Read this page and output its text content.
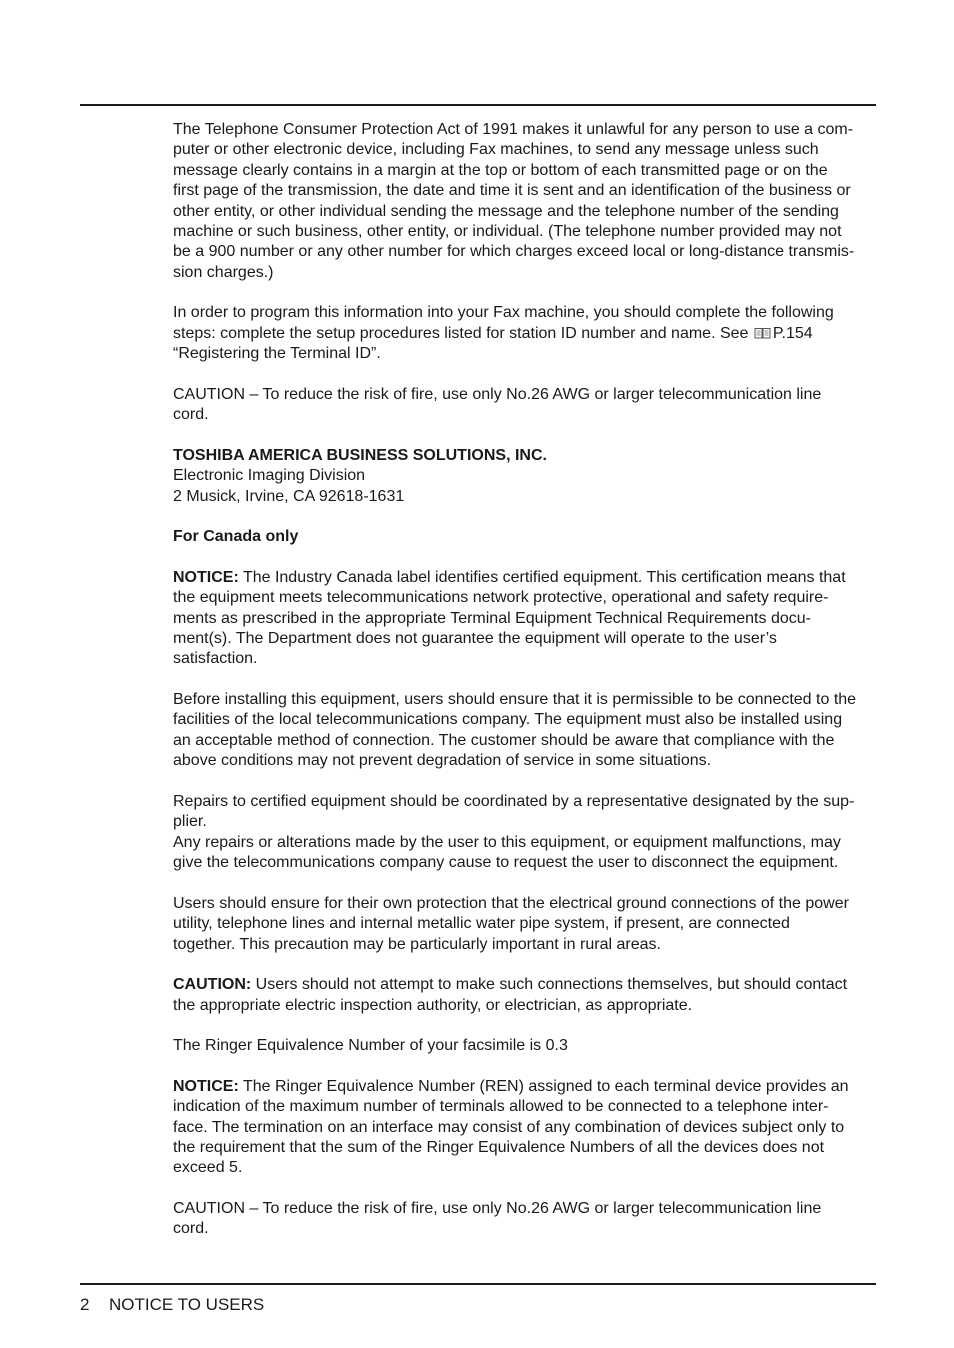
The Telephone Consumer Protection Act of 1991 makes it unlawful for any person to use a com-
puter or other electronic device, including Fax machines, to send any message unless such
message clearly contains in a margin at the top or bottom of each transmitted page or on the
first page of the transmission, the date and time it is sent and an identification of the business or
other entity, or other individual sending the message and the telephone number of the sending
machine or such business, other entity, or individual. (The telephone number provided may not
be a 900 number or any other number for which charges exceed local or long-distance transmis-
sion charges.)

In order to program this information into your Fax machine, you should complete the following
steps: complete the setup procedures listed for station ID number and name. See P.154
“Registering the Terminal ID”.

CAUTION – To reduce the risk of fire, use only No.26 AWG or larger telecommunication line
cord.

TOSHIBA AMERICA BUSINESS SOLUTIONS, INC.
Electronic Imaging Division
2 Musick, Irvine, CA 92618-1631

For Canada only

NOTICE: The Industry Canada label identifies certified equipment. This certification means that
the equipment meets telecommunications network protective, operational and safety require-
ments as prescribed in the appropriate Terminal Equipment Technical Requirements docu-
ment(s). The Department does not guarantee the equipment will operate to the user’s
satisfaction.

Before installing this equipment, users should ensure that it is permissible to be connected to the
facilities of the local telecommunications company. The equipment must also be installed using
an acceptable method of connection. The customer should be aware that compliance with the
above conditions may not prevent degradation of service in some situations.

Repairs to certified equipment should be coordinated by a representative designated by the sup-
plier.

Any repairs or alterations made by the user to this equipment, or equipment malfunctions, may
give the telecommunications company cause to request the user to disconnect the equipment.

Users should ensure for their own protection that the electrical ground connections of the power
utility, telephone lines and internal metallic water pipe system, if present, are connected
together. This precaution may be particularly important in rural areas.

CAUTION: Users should not attempt to make such connections themselves, but should contact
the appropriate electric inspection authority, or electrician, as appropriate.

The Ringer Equivalence Number of your facsimile is 0.3

NOTICE: The Ringer Equivalence Number (REN) assigned to each terminal device provides an
indication of the maximum number of terminals allowed to be connected to a telephone inter-
face. The termination on an interface may consist of any combination of devices subject only to
the requirement that the sum of the Ringer Equivalence Numbers of all the devices does not
exceed 5.

CAUTION – To reduce the risk of fire, use only No.26 AWG or larger telecommunication line
cord.

2 NOTICE TO USERS
